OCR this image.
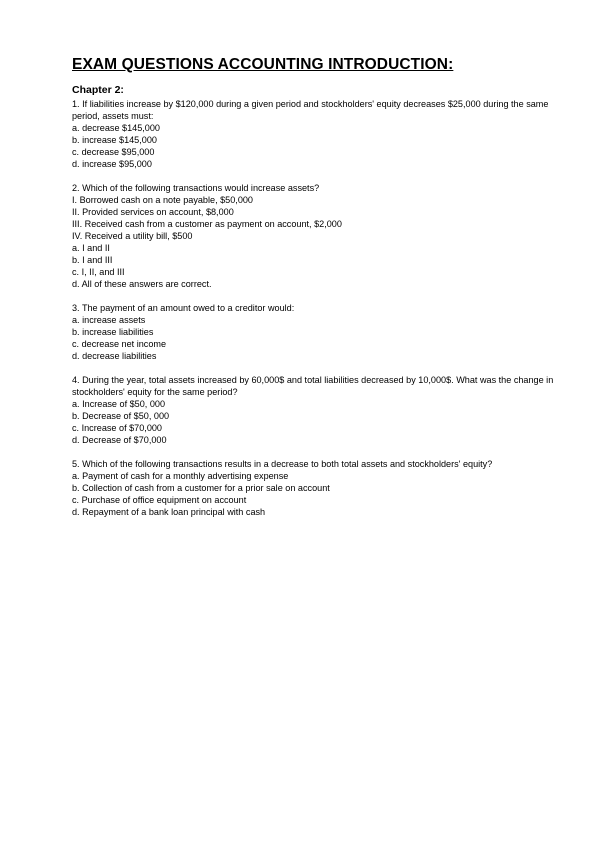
EXAM QUESTIONS ACCOUNTING INTRODUCTION:
Chapter 2:
1. If liabilities increase by $120,000 during a given period and stockholders' equity decreases $25,000 during the same period, assets must:
a. decrease $145,000
b. increase $145,000
c. decrease $95,000
d. increase $95,000
2. Which of the following transactions would increase assets?
I. Borrowed cash on a note payable, $50,000
II. Provided services on account, $8,000
III. Received cash from a customer as payment on account, $2,000
IV. Received a utility bill, $500
a. I and II
b. I and III
c. I, II, and III
d. All of these answers are correct.
3. The payment of an amount owed to a creditor would:
a. increase assets
b. increase liabilities
c. decrease net income
d. decrease liabilities
4. During the year, total assets increased by 60,000$ and total liabilities decreased by 10,000$. What was the change in stockholders' equity for the same period?
a. Increase of $50, 000
b. Decrease of $50, 000
c. Increase of $70,000
d. Decrease of $70,000
5. Which of the following transactions results in a decrease to both total assets and stockholders' equity?
a. Payment of cash for a monthly advertising expense
b. Collection of cash from a customer for a prior sale on account
c. Purchase of office equipment on account
d. Repayment of a bank loan principal with cash
